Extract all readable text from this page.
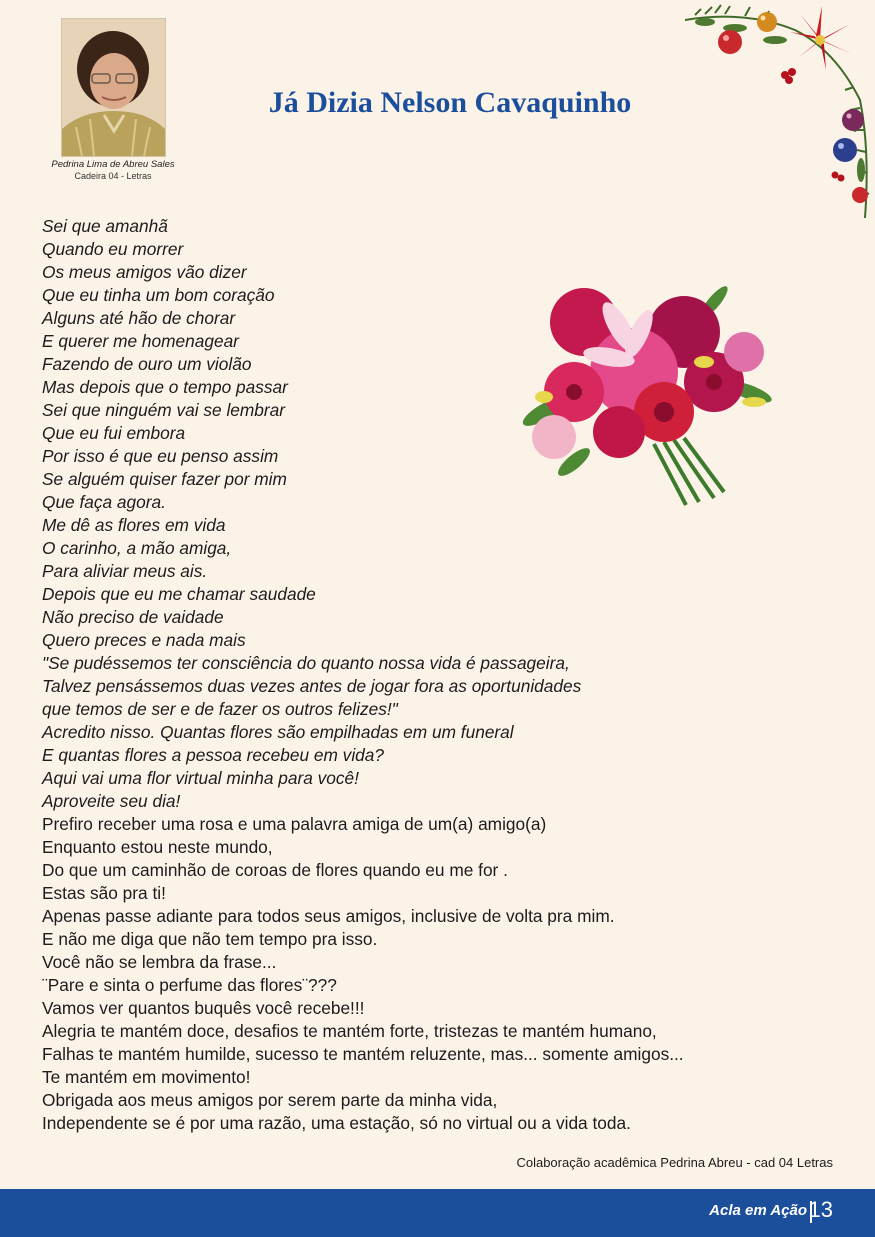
Pedrina Lima de Abreu Sales
Cadeira 04 - Letras
Já Dizia Nelson Cavaquinho
Sei que amanhã
Quando eu morrer
Os meus amigos vão dizer
Que eu tinha um bom coração
Alguns até hão de chorar
E querer me homenagear
Fazendo de ouro um violão
Mas depois que o tempo passar
Sei que ninguém vai se lembrar
Que eu fui embora
Por isso é que eu penso assim
Se alguém quiser fazer por mim
Que faça agora.
Me dê as flores em vida
O carinho, a mão amiga,
Para aliviar meus ais.
Depois que eu me chamar saudade
Não preciso de vaidade
Quero preces e nada mais
"Se pudéssemos ter consciência do quanto nossa vida é passageira,
Talvez pensássemos duas vezes antes de jogar fora as oportunidades
que temos de ser e de fazer os outros felizes!"
Acredito nisso. Quantas flores são empilhadas em um funeral
E quantas flores a pessoa recebeu em vida?
Aqui vai uma flor virtual minha para você!
Aproveite seu dia!
Prefiro receber uma rosa e uma palavra amiga de um(a) amigo(a)
Enquanto estou neste mundo,
Do que um caminhão de coroas de flores quando eu me for .
Estas são pra ti!
Apenas passe adiante para todos seus amigos, inclusive de volta pra mim.
E não me diga que não tem tempo pra isso.
Você não se lembra da frase...
¨Pare e sinta o perfume das flores¨???
Vamos ver quantos buquês você recebe!!!
Alegria te mantém doce, desafios te mantém forte, tristezas te mantém humano,
Falhas te mantém humilde, sucesso te mantém reluzente, mas... somente amigos...
Te mantém em movimento!
Obrigada aos meus amigos por serem parte da minha vida,
Independente se é por uma razão, uma estação, só no virtual ou a vida toda.
Colaboração acadêmica Pedrina Abreu - cad 04 Letras
Acla em Ação 13
